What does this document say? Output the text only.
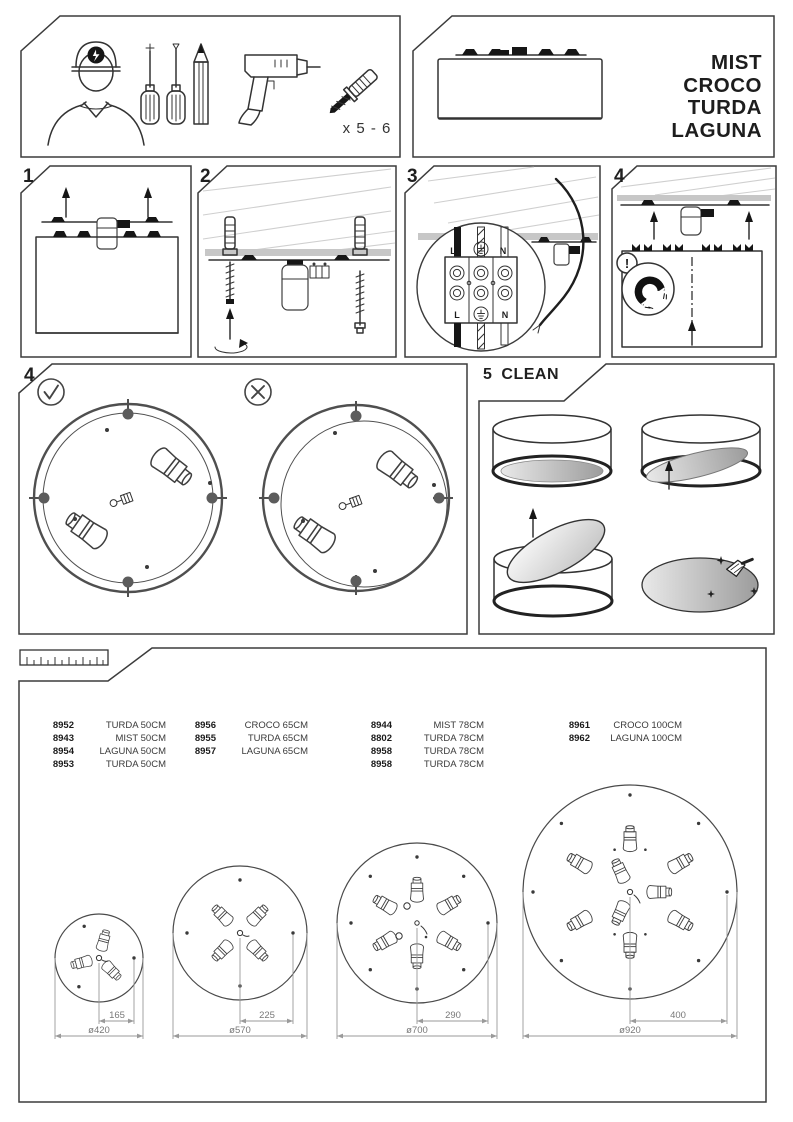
x 5 - 6
MIST
CROCO
TURDA
LAGUNA
1	2
L	N
L	N
3
!
4
4	5 CLEAN
165
ø420
225
ø570
290
ø700
400
ø920
8952	TURDA 50CM
8943	MIST 50CM
8954	LAGUNA 50CM
8953	TURDA 50CM
8956	CROCO 65CM
8955	TURDA 65CM
8957	LAGUNA 65CM
8944	MIST 78CM
8802	TURDA 78CM
8958	TURDA 78CM
8958	TURDA 78CM
8961	CROCO 100CM
8962	LAGUNA 100CM
